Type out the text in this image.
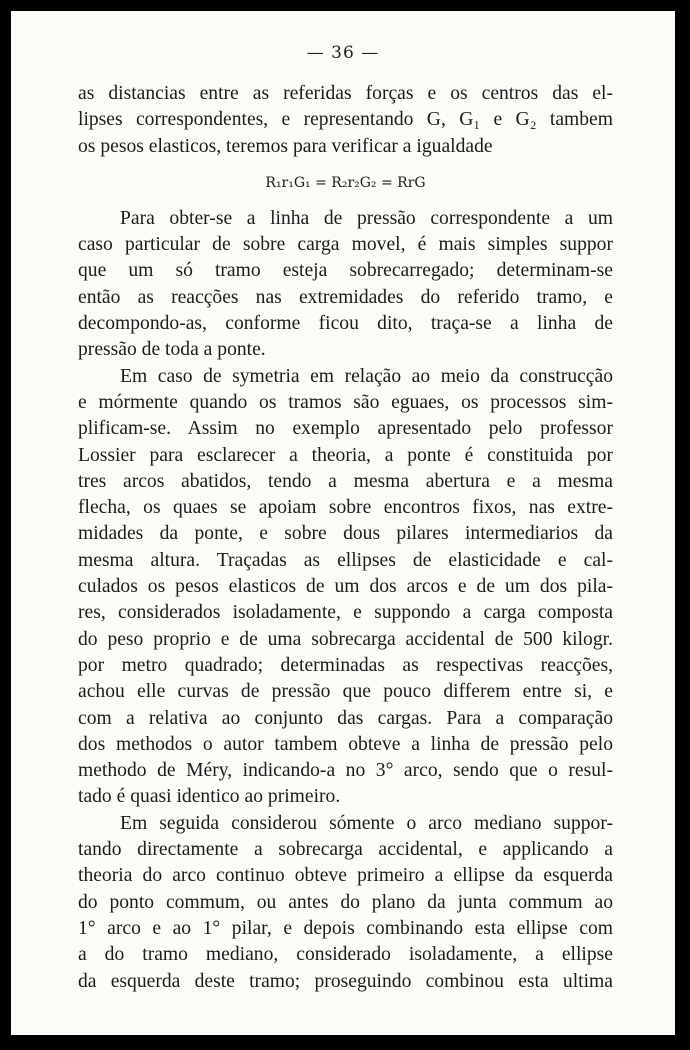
— 36 —
as distancias entre as referidas forças e os centros das el-
lipses correspondentes, e representando G, G₁ e G₂ tambem
os pesos elasticos, teremos para verificar a igualdade
R₁r₁G₁ = R₂r₂G₂ = RrG
Para obter-se a linha de pressão correspondente a um
caso particular de sobre carga movel, é mais simples suppor
que um só tramo esteja sobrecarregado; determinam-se
então as reacções nas extremidades do referido tramo, e
decompondo-as, conforme ficou dito, traça-se a linha de
pressão de toda a ponte.
Em caso de symetria em relação ao meio da construcção
e mórmente quando os tramos são eguaes, os processos sim-
plificam-se. Assim no exemplo apresentado pelo professor
Lossier para esclarecer a theoria, a ponte é constituida por
tres arcos abatidos, tendo a mesma abertura e a mesma
flecha, os quaes se apoiam sobre encontros fixos, nas extre-
midades da ponte, e sobre dous pilares intermediarios da
mesma altura. Traçadas as ellipses de elasticidade e cal-
culados os pesos elasticos de um dos arcos e de um dos pila-
res, considerados isoladamente, e suppondo a carga composta
do peso proprio e de uma sobrecarga accidental de 500 kilogr.
por metro quadrado; determinadas as respectivas reacções,
achou elle curvas de pressão que pouco differem entre si, e
com a relativa ao conjunto das cargas. Para a comparação
dos methodos o autor tambem obteve a linha de pressão pelo
methodo de Méry, indicando-a no 3° arco, sendo que o resul-
tado é quasi identico ao primeiro.
Em seguida considerou sómente o arco mediano suppor-
tando directamente a sobrecarga accidental, e applicando a
theoria do arco continuo obteve primeiro a ellipse da esquerda
do ponto commum, ou antes do plano da junta commum ao
1° arco e ao 1° pilar, e depois combinando esta ellipse com
a do tramo mediano, considerado isoladamente, a ellipse
da esquerda deste tramo; proseguindo combinou esta ultima
